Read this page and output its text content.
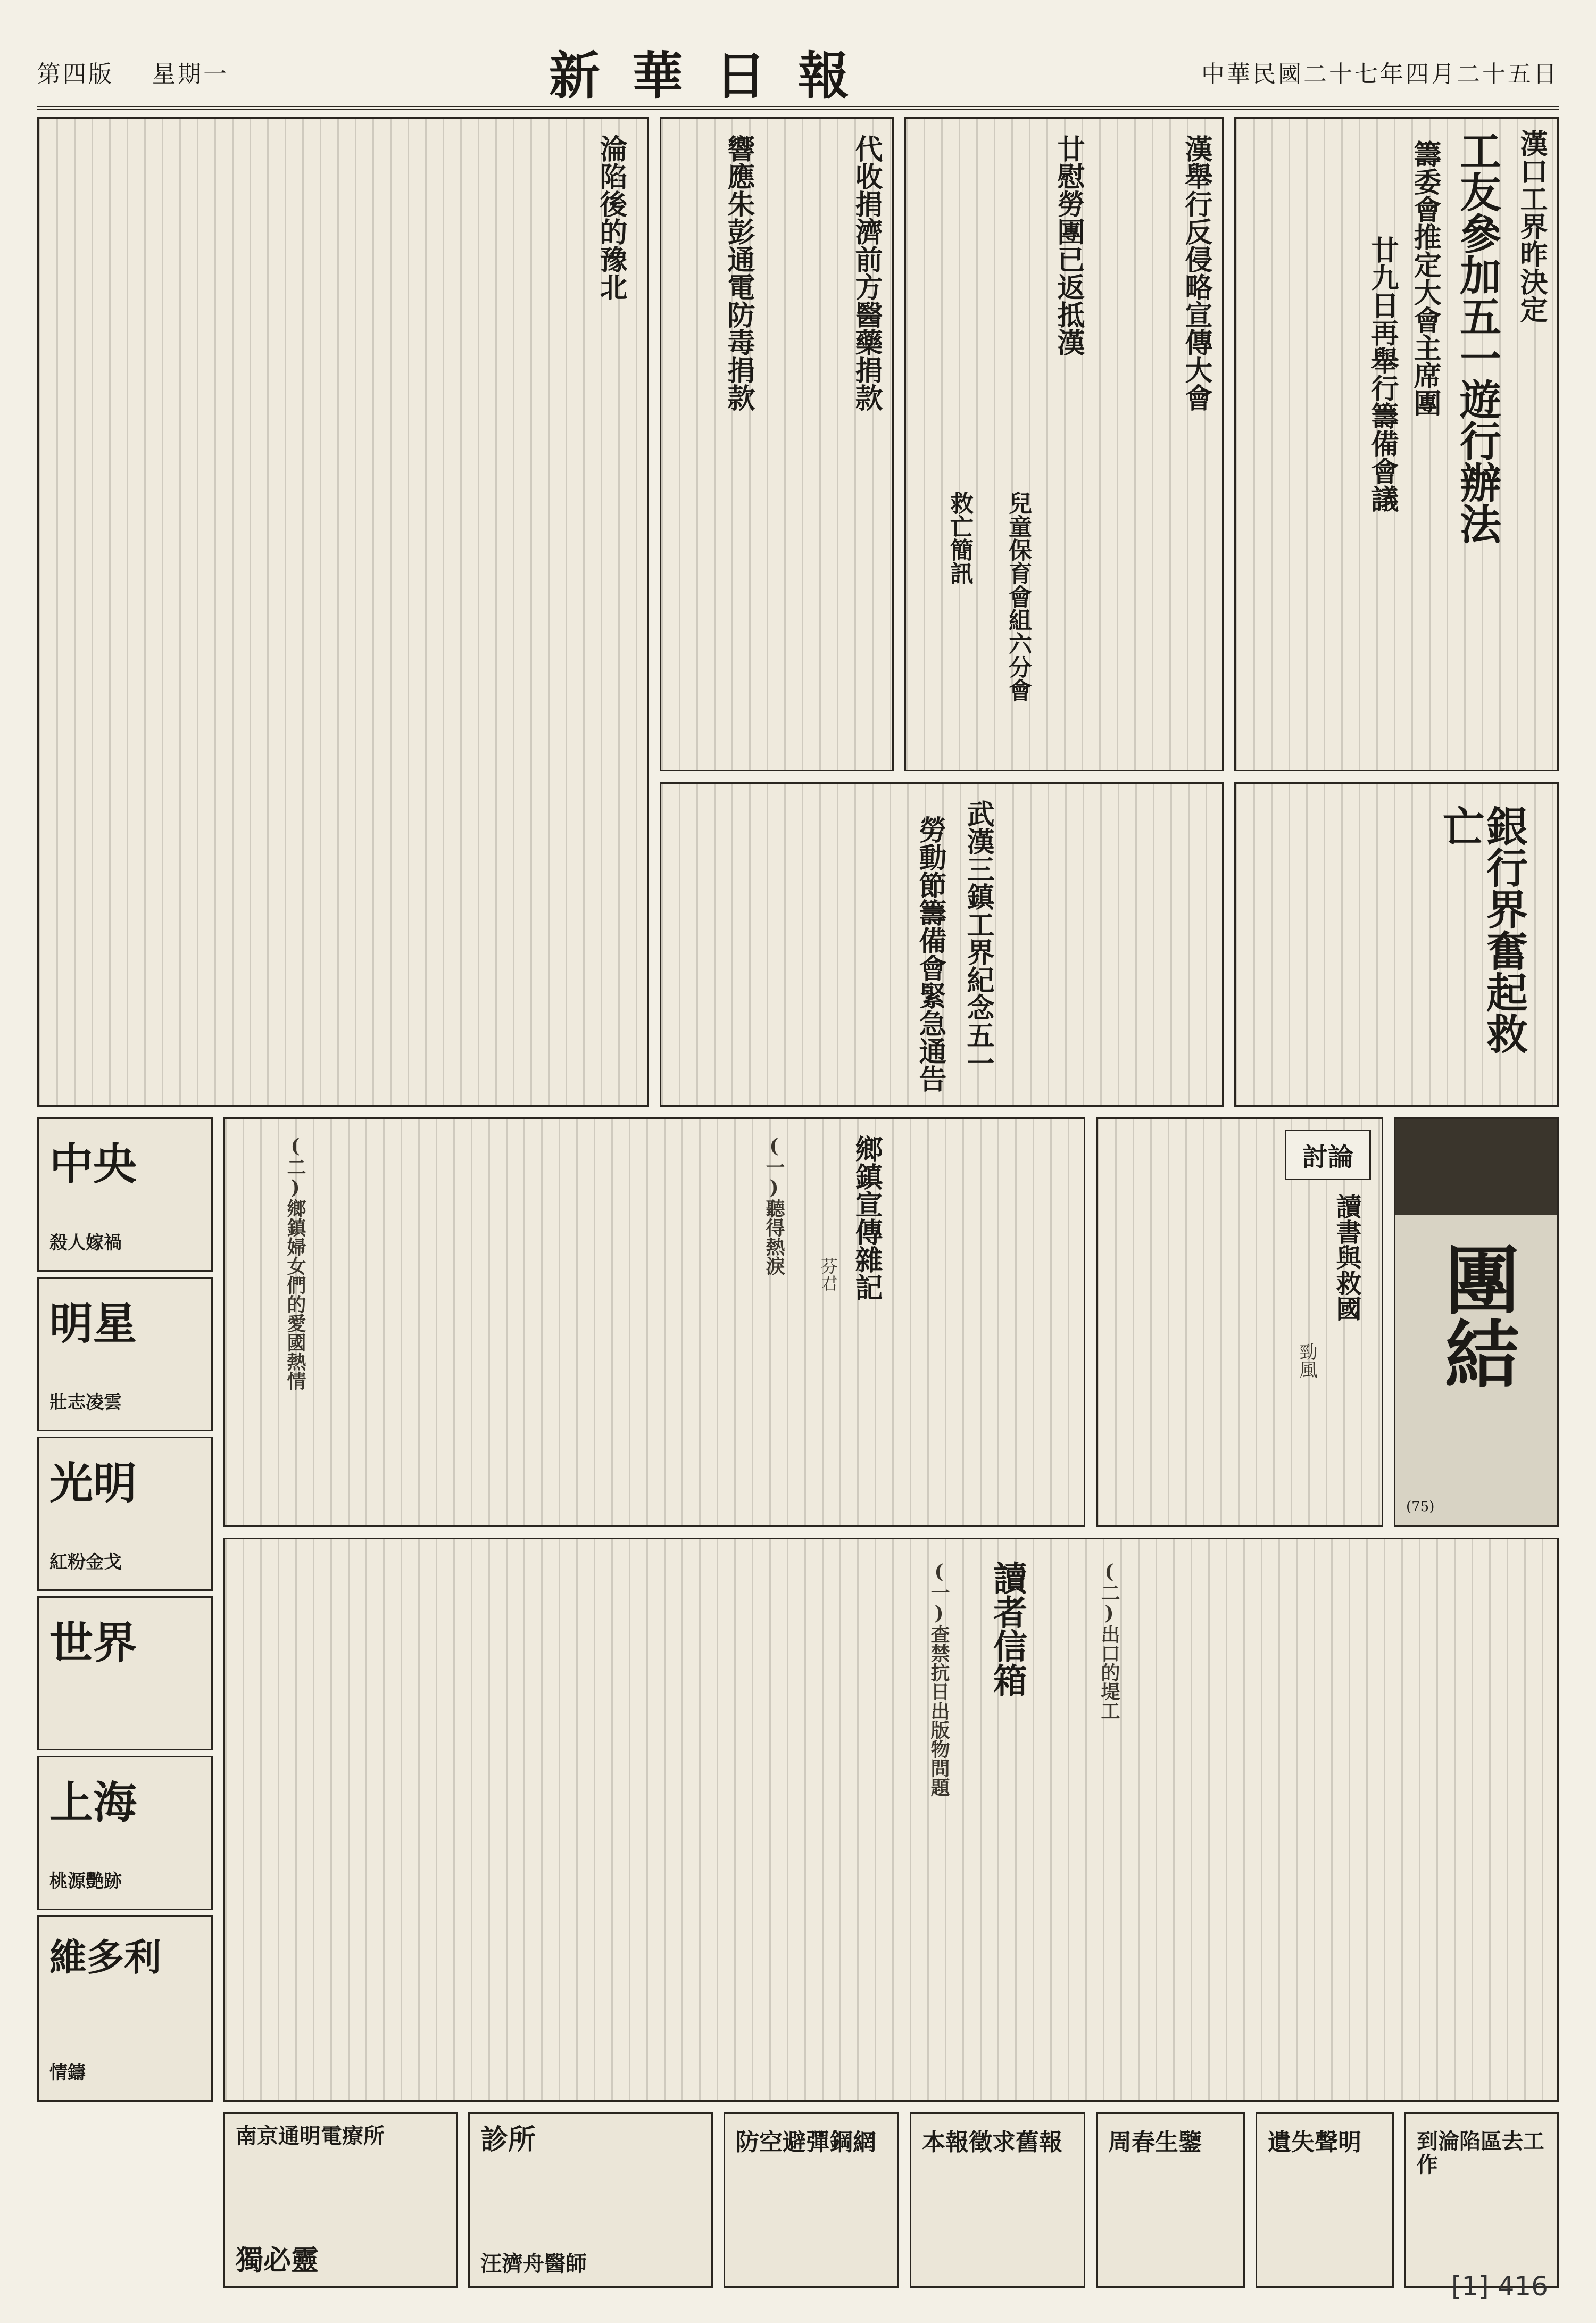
第四版 星期一	新華日報	中華民國二十七年四月二十五日
漢口工界昨決定
工友參加五一遊行辦法
籌委會推定大會主席團
廿九日再舉行籌備會議
漢舉行反侵略宣傳大會
廿慰勞團已返抵漢
兒童保育會組六分會
救亡簡訊
代收捐濟前方醫藥捐款
響應朱彭通電防毒捐款
淪陷後的豫北
銀行界奮起救亡
武漢三鎮工界紀念五一
勞動節籌備會緊急通告
團結
(75)
討論
讀書與救國
勁風
鄉鎮宣傳雜記
芬君
(一)聽得熱淚
(二)鄉鎮婦女們的愛國熱情
讀者信箱
(一)查禁抗日出版物問題	(二)出口的堤工
中央
殺人嫁禍
明星
壯志凌雲
光明
紅粉金戈
世界
上海
桃源艷跡
維多利
情鑄
南京通明電療所
獨必靈
診所
汪濟舟醫師
防空避彈鋼網 本報徵求舊報 周春生鑒	遺失聲明	到淪陷區去工作
[1] 416
